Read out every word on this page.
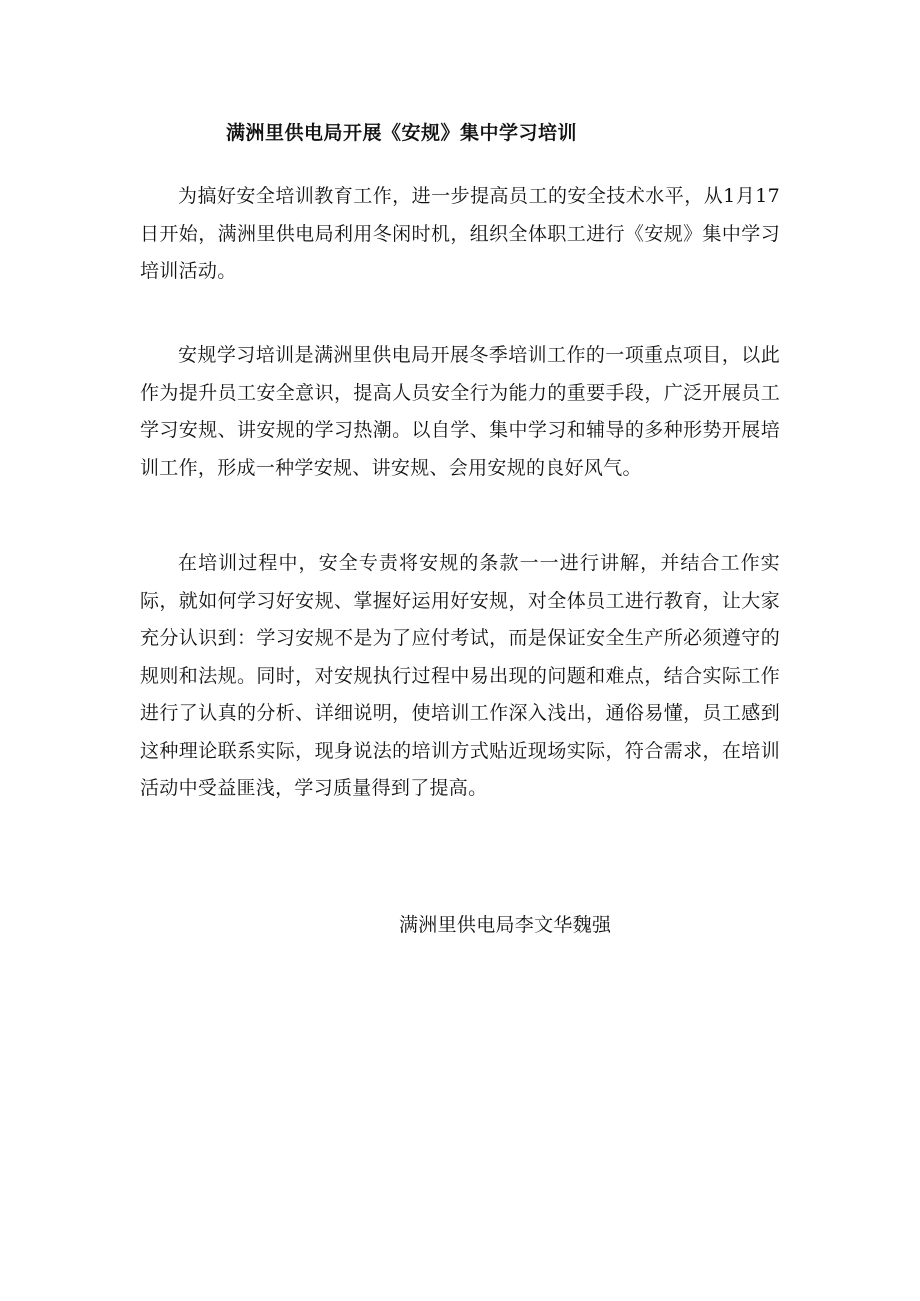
满洲里供电局开展《安规》集中学习培训

为搞好安全培训教育工作，进一步提高员工的安全技术水平，从1月17日开始，满洲里供电局利用冬闲时机，组织全体职工进行《安规》集中学习培训活动。

安规学习培训是满洲里供电局开展冬季培训工作的一项重点项目，以此作为提升员工安全意识，提高人员安全行为能力的重要手段，广泛开展员工学习安规、讲安规的学习热潮。以自学、集中学习和辅导的多种形势开展培训工作，形成一种学安规、讲安规、会用安规的良好风气。

在培训过程中，安全专责将安规的条款一一进行讲解，并结合工作实际，就如何学习好安规、掌握好运用好安规，对全体员工进行教育，让大家充分认识到：学习安规不是为了应付考试，而是保证安全生产所必须遵守的规则和法规。同时，对安规执行过程中易出现的问题和难点，结合实际工作进行了认真的分析、详细说明，使培训工作深入浅出，通俗易懂，员工感到这种理论联系实际，现身说法的培训方式贴近现场实际，符合需求，在培训活动中受益匪浅，学习质量得到了提高。

满洲里供电局李文华魏强
